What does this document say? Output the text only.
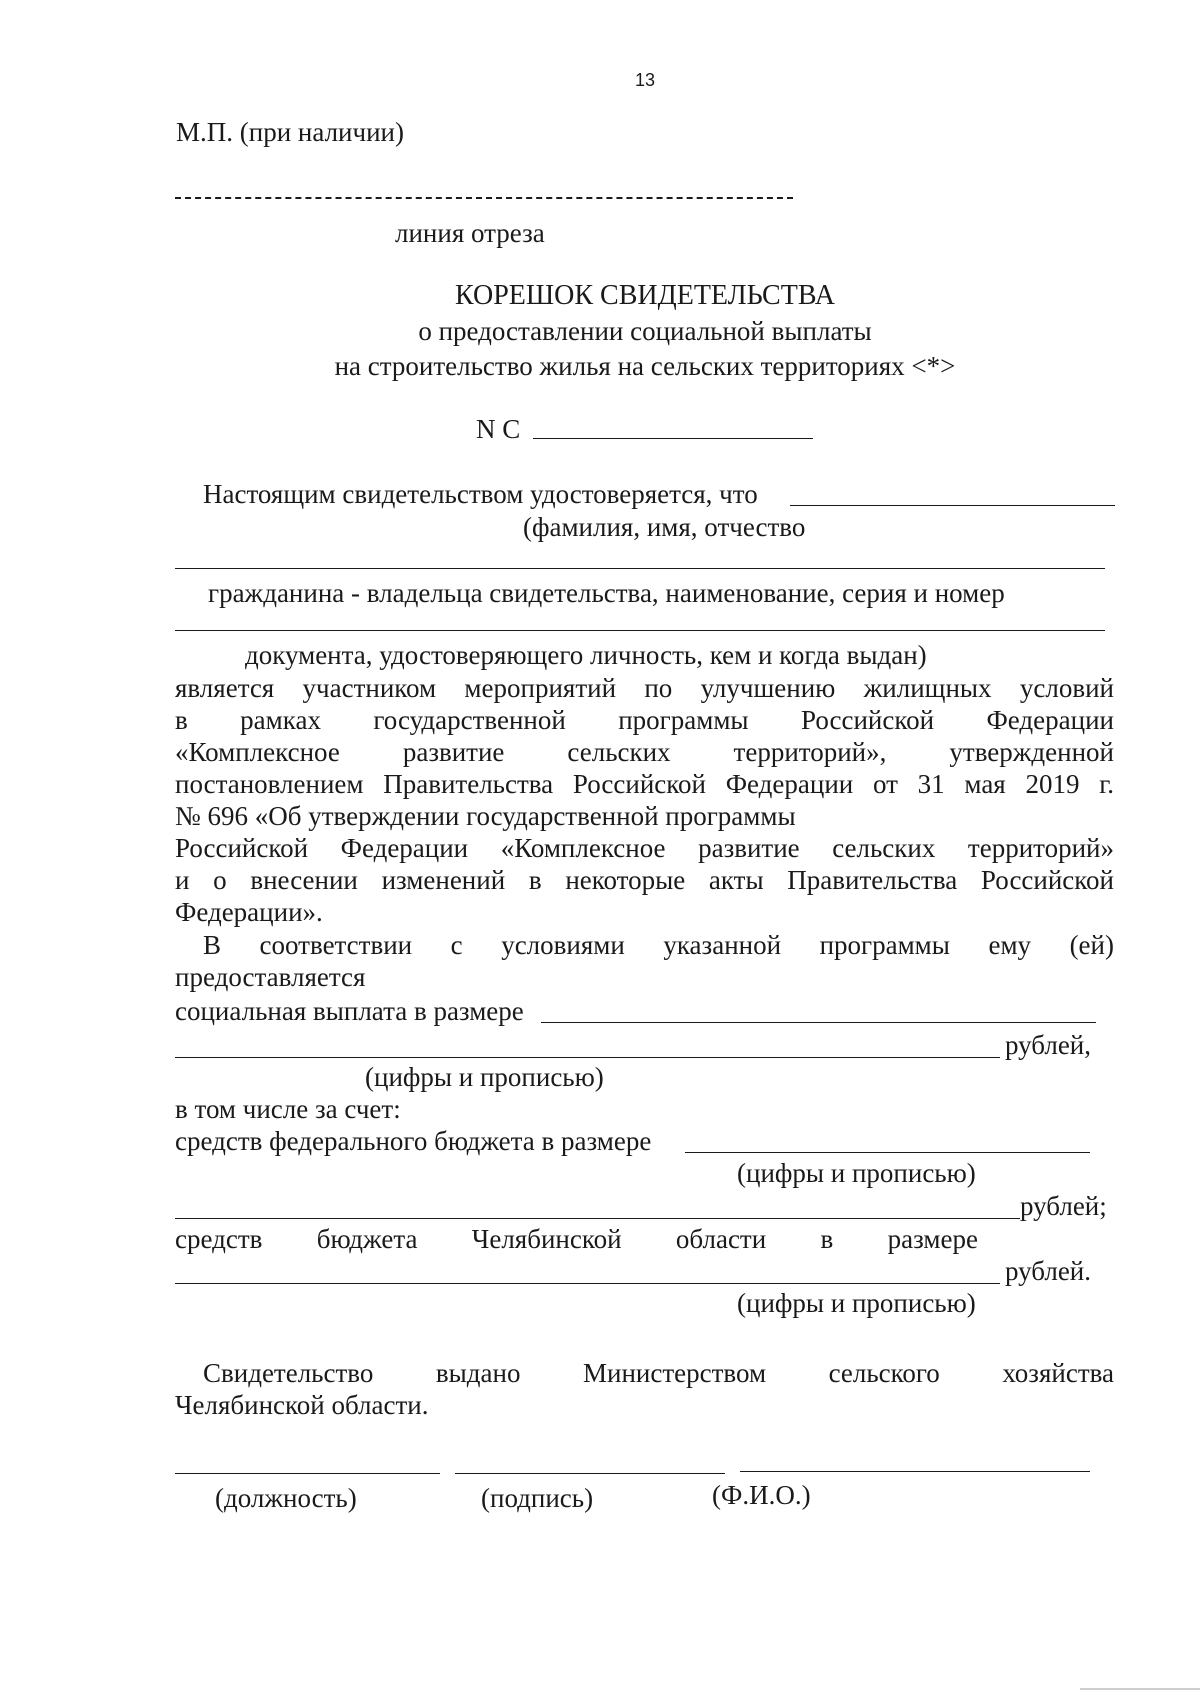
13
М.П. (при наличии)
линия отреза
КОРЕШОК СВИДЕТЕЛЬСТВА
о предоставлении социальной выплаты
на строительство жилья на сельских территориях <*>
N C
Настоящим свидетельством удостоверяется, что
(фамилия, имя, отчество
гражданина - владельца свидетельства, наименование, серия и номер
документа, удостоверяющего личность, кем и когда выдан)
является участником мероприятий по улучшению жилищных условий
в рамках государственной программы Российской Федерации
«Комплексное развитие сельских территорий», утвержденной
постановлением Правительства Российской Федерации от 31 мая 2019 г.
№ 696 «Об утверждении государственной программы
Российской Федерации «Комплексное развитие сельских территорий»
и о внесении изменений в некоторые акты Правительства Российской
Федерации».
В соответствии с условиями указанной программы ему (ей)
предоставляется
социальная выплата в размере
рублей,
(цифры и прописью)
в том числе за счет:
средств федерального бюджета в размере
(цифры и прописью)
рублей;
средств бюджета Челябинской области в размере
рублей.
(цифры и прописью)
Свидетельство выдано Министерством сельского хозяйства
Челябинской области.
(должность)	(подпись)	(Ф.И.О.)
